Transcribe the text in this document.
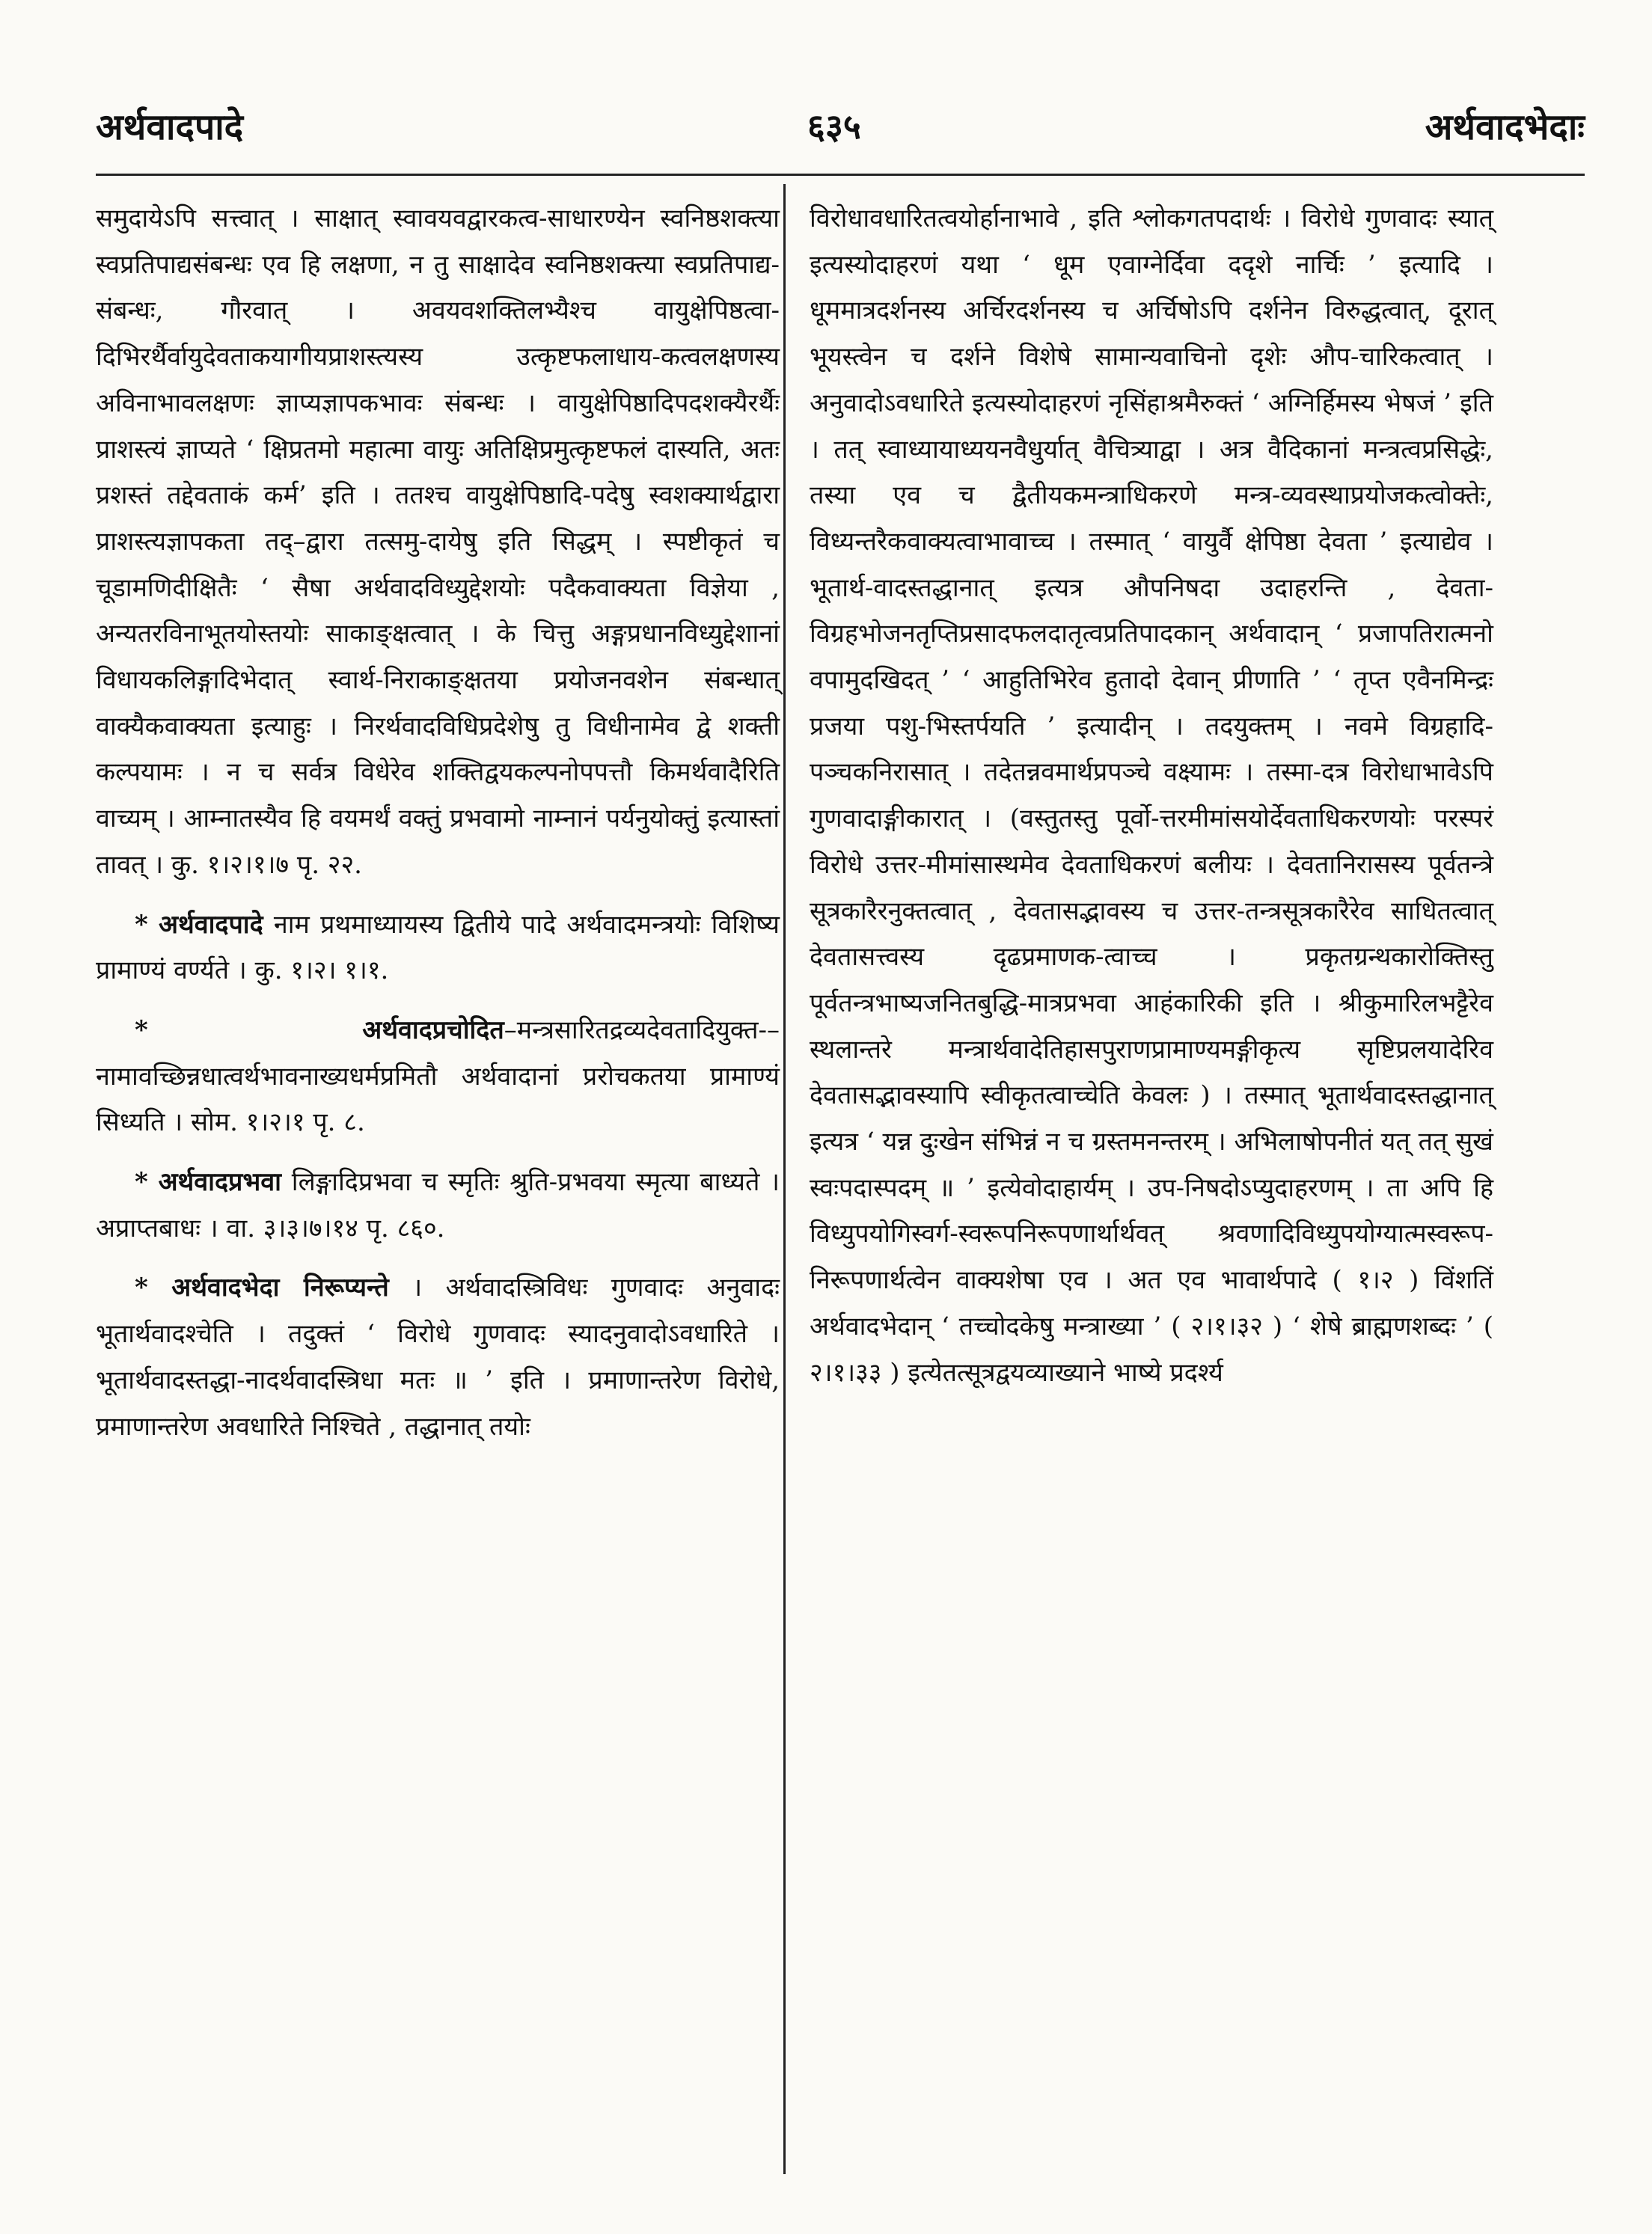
अर्थवादपादे	६३५	अर्थवादभेदाः

समुदायेऽपि सत्त्वात् । साक्षात् स्वावयवद्वारकत्व-साधारण्येन स्वनिष्ठशक्त्या स्वप्रतिपाद्यसंबन्धः एव हि लक्षणा, न तु साक्षादेव स्वनिष्ठशक्त्या स्वप्रतिपाद्य-संबन्धः, गौरवात् । अवयवशक्तिलभ्यैश्च वायुक्षेपिष्ठत्वा-दिभिरर्थैर्वायुदेवताकयागीयप्राशस्त्यस्य उत्कृष्टफलाधाय-कत्वलक्षणस्य अविनाभावलक्षणः ज्ञाप्यज्ञापकभावः संबन्धः । वायुक्षेपिष्ठादिपदशक्यैरर्थैः प्राशस्त्यं ज्ञाप्यते ‘ क्षिप्रतमो महात्मा वायुः अतिक्षिप्रमुत्कृष्टफलं दास्यति, अतः प्रशस्तं तद्देवताकं कर्म’ इति । ततश्च वायुक्षेपिष्ठादि-पदेषु स्वशक्यार्थद्वारा प्राशस्त्यज्ञापकता तद्–द्वारा तत्समु-दायेषु इति सिद्धम् । स्पष्टीकृतं च चूडामणिदीक्षितैः ‘ सैषा अर्थवादविध्युद्देशयोः पदैकवाक्यता विज्ञेया , अन्यतरविनाभूतयोस्तयोः साकाङ्क्षत्वात् । के चित्तु अङ्गप्रधानविध्युद्देशानां विधायकलिङ्गादिभेदात् स्वार्थ-निराकाङ्क्षतया प्रयोजनवशेन संबन्धात् वाक्यैकवाक्यता इत्याहुः । निरर्थवादविधिप्रदेशेषु तु विधीनामेव द्वे शक्ती कल्पयामः । न च सर्वत्र विधेरेव शक्तिद्वयकल्पनोपपत्तौ किमर्थवादैरिति वाच्यम् । आम्नातस्यैव हि वयमर्थं वक्तुं प्रभवामो नाम्नानं पर्यनुयोक्तुं इत्यास्तां तावत् । कु. १।२।१।७ पृ. २२.

* अर्थवादपादे नाम प्रथमाध्यायस्य द्वितीये पादे अर्थवादमन्त्रयोः विशिष्य प्रामाण्यं वर्ण्यते । कु. १।२। १।१.

*	अर्थवादप्रचोदित–मन्त्रसारितद्रव्यदेवतादियुक्त-–नामावच्छिन्नधात्वर्थभावनाख्यधर्मप्रमितौ अर्थवादानां प्ररोचकतया प्रामाण्यं सिध्यति । सोम. १।२।१ पृ. ८.

* अर्थवादप्रभवा लिङ्गादिप्रभवा च स्मृतिः श्रुति-प्रभवया स्मृत्या बाध्यते । अप्राप्तबाधः । वा. ३।३।७।१४ पृ. ८६०.

* अर्थवादभेदा निरूप्यन्ते । अर्थवादस्त्रिविधः गुणवादः अनुवादः भूतार्थवादश्चेति । तदुक्तं ‘ विरोधे गुणवादः स्यादनुवादोऽवधारिते । भूतार्थवादस्तद्धा-नादर्थवादस्त्रिधा मतः ॥ ’ इति । प्रमाणान्तरेण विरोधे, प्रमाणान्तरेण अवधारिते निश्चिते , तद्धानात् तयोः

विरोधावधारितत्वयोर्हानाभावे , इति श्लोकगतपदार्थः । विरोधे गुणवादः स्यात् इत्यस्योदाहरणं यथा ‘ धूम एवाग्नेर्दिवा ददृशे नार्चिः ’ इत्यादि । धूममात्रदर्शनस्य अर्चिरदर्शनस्य च अर्चिषोऽपि दर्शनेन विरुद्धत्वात्, दूरात् भूयस्त्वेन च दर्शने विशेषे सामान्यवाचिनो दृशेः औप-चारिकत्वात् । अनुवादोऽवधारिते इत्यस्योदाहरणं नृसिंहाश्रमैरुक्तं ‘ अग्निर्हिमस्य भेषजं ’ इति । तत् स्वाध्यायाध्ययनवैधुर्यात् वैचित्र्याद्वा । अत्र वैदिकानां मन्त्रत्वप्रसिद्धेः, तस्या एव च द्वैतीयकमन्त्राधिकरणे मन्त्र-व्यवस्थाप्रयोजकत्वोक्तेः, विध्यन्तरैकवाक्यत्वाभावाच्च । तस्मात् ‘ वायुर्वै क्षेपिष्ठा देवता ’ इत्याद्येव । भूतार्थ-वादस्तद्धानात् इत्यत्र औपनिषदा उदाहरन्ति , देवता-विग्रहभोजनतृप्तिप्रसादफलदातृत्वप्रतिपादकान् अर्थवादान् ‘ प्रजापतिरात्मनो वपामुदखिदत् ’ ‘ आहुतिभिरेव हुतादो देवान् प्रीणाति ’ ‘ तृप्त एवैनमिन्द्रः प्रजया पशु-भिस्तर्पयति ’ इत्यादीन् । तदयुक्तम् । नवमे विग्रहादि-पञ्चकनिरासात् । तदेतन्नवमार्थप्रपञ्चे वक्ष्यामः । तस्मा-दत्र विरोधाभावेऽपि गुणवादाङ्गीकारात् । (वस्तुतस्तु पूर्वो-त्तरमीमांसयोर्देवताधिकरणयोः परस्परं विरोधे उत्तर-मीमांसास्थमेव देवताधिकरणं बलीयः । देवतानिरासस्य पूर्वतन्त्रे सूत्रकारैरनुक्तत्वात् , देवतासद्भावस्य च उत्तर-तन्त्रसूत्रकारैरेव साधितत्वात् देवतासत्त्वस्य दृढप्रमाणक-त्वाच्च । प्रकृतग्रन्थकारोक्तिस्तु पूर्वतन्त्रभाष्यजनितबुद्धि-मात्रप्रभवा आहंकारिकी इति । श्रीकुमारिलभट्टैरेव स्थलान्तरे मन्त्रार्थवादेतिहासपुराणप्रामाण्यमङ्गीकृत्य सृष्टिप्रलयादेरिव देवतासद्भावस्यापि स्वीकृतत्वाच्चेति केवलः ) । तस्मात् भूतार्थवादस्तद्धानात् इत्यत्र ‘ यन्न दुःखेन संभिन्नं न च ग्रस्तमनन्तरम् । अभिलाषोपनीतं यत् तत् सुखं स्वःपदास्पदम् ॥ ’ इत्येवोदाहार्यम् । उप-निषदोऽप्युदाहरणम् । ता अपि हि विध्युपयोगिस्वर्ग-स्वरूपनिरूपणार्थार्थवत् श्रवणादिविध्युपयोग्यात्मस्वरूप-निरूपणार्थत्वेन वाक्यशेषा एव । अत एव भावार्थपादे ( १।२ ) विंशतिं अर्थवादभेदान् ‘ तच्चोदकेषु मन्त्राख्या ’ ( २।१।३२ ) ‘ शेषे ब्राह्मणशब्दः ’ ( २।१।३३ ) इत्येतत्सूत्रद्वयव्याख्याने भाष्ये प्रदर्श्य
